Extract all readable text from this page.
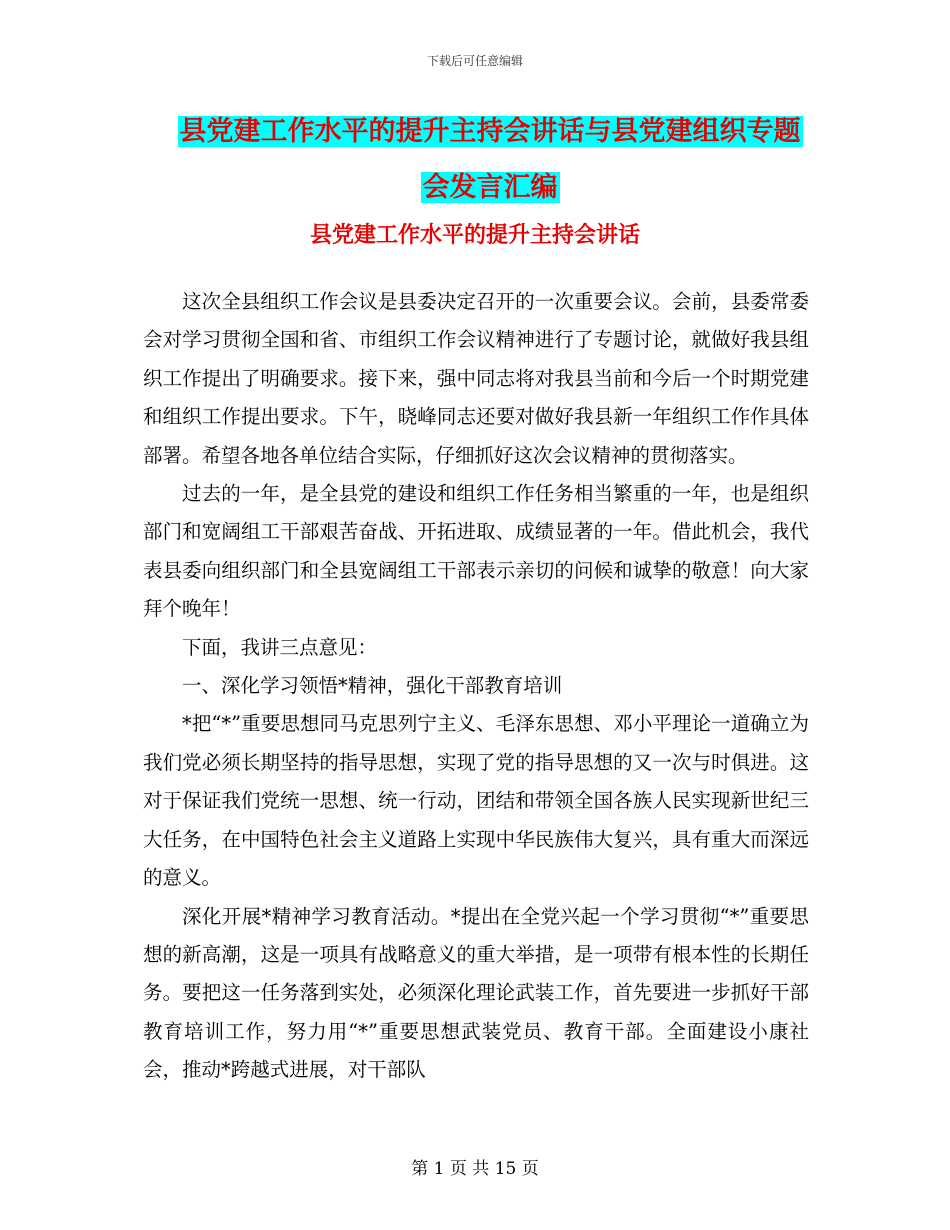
下载后可任意编辑
县党建工作水平的提升主持会讲话与县党建组织专题
会发言汇编
县党建工作水平的提升主持会讲话

这次全县组织工作会议是县委决定召开的一次重要会议。会前，县委常委会对学习贯彻全国和省、市组织工作会议精神进行了专题讨论，就做好我县组织工作提出了明确要求。接下来，强中同志将对我县当前和今后一个时期党建和组织工作提出要求。下午，晓峰同志还要对做好我县新一年组织工作作具体部署。希望各地各单位结合实际，仔细抓好这次会议精神的贯彻落实。

过去的一年，是全县党的建设和组织工作任务相当繁重的一年，也是组织部门和宽阔组工干部艰苦奋战、开拓进取、成绩显著的一年。借此机会，我代表县委向组织部门和全县宽阔组工干部表示亲切的问候和诚挚的敬意！向大家拜个晚年！

下面，我讲三点意见：

一、深化学习领悟*精神，强化干部教育培训

*把“*”重要思想同马克思列宁主义、毛泽东思想、邓小平理论一道确立为我们党必须长期坚持的指导思想，实现了党的指导思想的又一次与时俱进。这对于保证我们党统一思想、统一行动，团结和带领全国各族人民实现新世纪三大任务，在中国特色社会主义道路上实现中华民族伟大复兴，具有重大而深远的意义。

深化开展*精神学习教育活动。*提出在全党兴起一个学习贯彻“*”重要思想的新高潮，这是一项具有战略意义的重大举措，是一项带有根本性的长期任务。要把这一任务落到实处，必须深化理论武装工作，首先要进一步抓好干部教育培训工作，努力用“*”重要思想武装党员、教育干部。全面建设小康社会，推动*跨越式进展，对干部队

第 1 页 共 15 页
